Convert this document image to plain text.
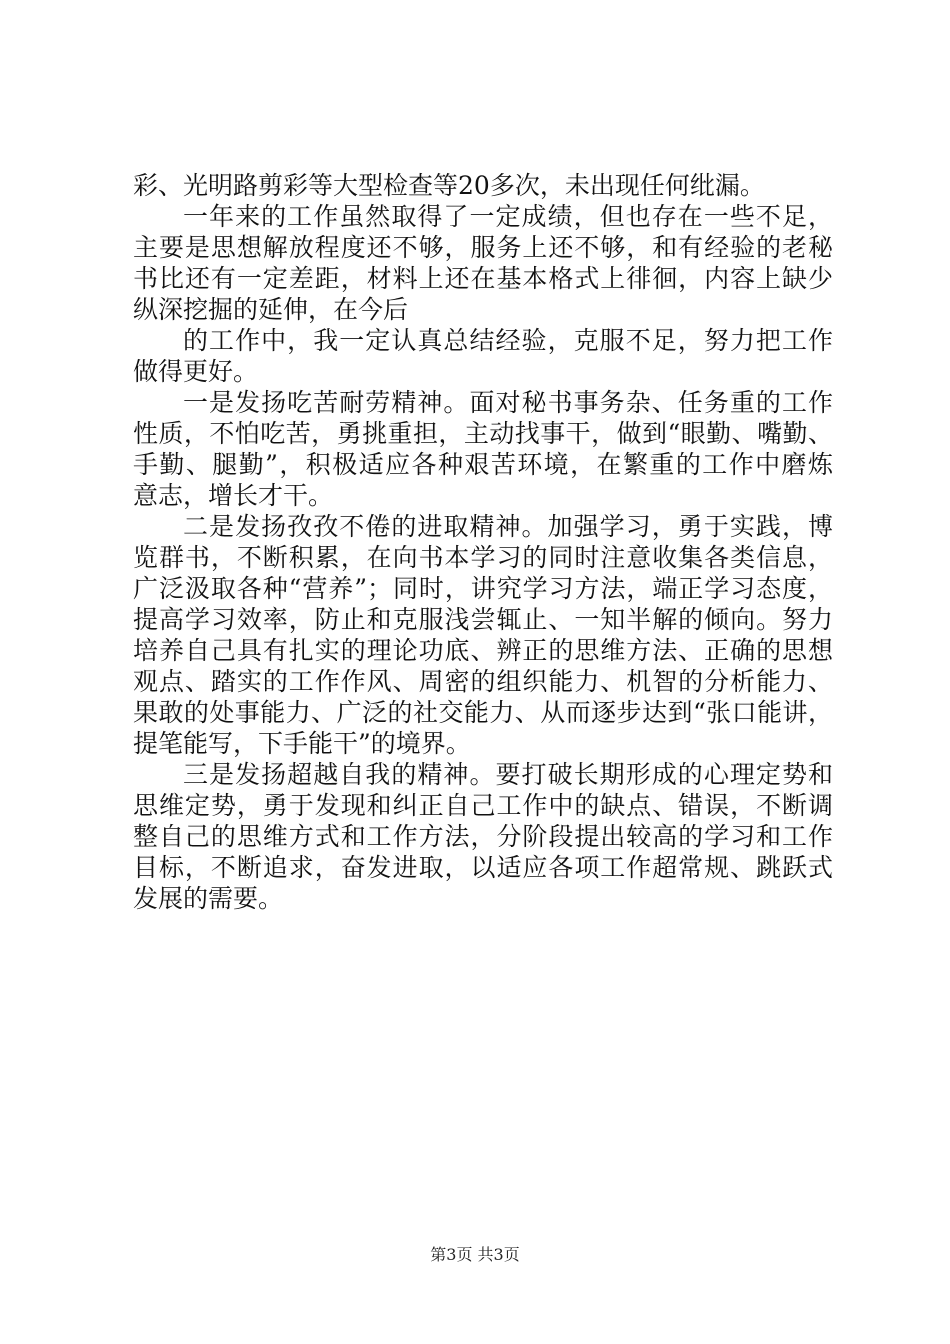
彩、光明路剪彩等大型检查等20多次，未出现任何纰漏。
一年来的工作虽然取得了一定成绩，但也存在一些不足，
主要是思想解放程度还不够，服务上还不够，和有经验的老秘
书比还有一定差距，材料上还在基本格式上徘徊，内容上缺少
纵深挖掘的延伸，在今后
的工作中，我一定认真总结经验，克服不足，努力把工作
做得更好。
一是发扬吃苦耐劳精神。面对秘书事务杂、任务重的工作
性质，不怕吃苦，勇挑重担，主动找事干，做到“眼勤、嘴勤、
手勤、腿勤”，积极适应各种艰苦环境，在繁重的工作中磨炼
意志，增长才干。
二是发扬孜孜不倦的进取精神。加强学习，勇于实践，博
览群书，不断积累，在向书本学习的同时注意收集各类信息，
广泛汲取各种“营养”；同时，讲究学习方法，端正学习态度，
提高学习效率，防止和克服浅尝辄止、一知半解的倾向。努力
培养自己具有扎实的理论功底、辨正的思维方法、正确的思想
观点、踏实的工作作风、周密的组织能力、机智的分析能力、
果敢的处事能力、广泛的社交能力、从而逐步达到“张口能讲，
提笔能写，下手能干”的境界。
三是发扬超越自我的精神。要打破长期形成的心理定势和
思维定势，勇于发现和纠正自己工作中的缺点、错误，不断调
整自己的思维方式和工作方法，分阶段提出较高的学习和工作
目标，不断追求，奋发进取，以适应各项工作超常规、跳跃式
发展的需要。
第3页 共3页
